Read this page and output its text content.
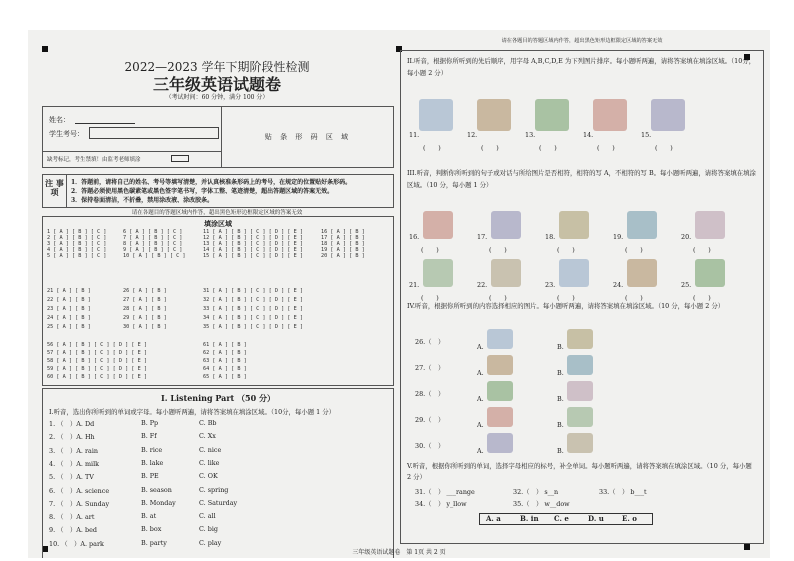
2022—2023 学年下期阶段性检测
三年级英语试题卷
（考试时间：60 分钟，满分 100 分）
姓名：
学生考号：
缺考标记，考生禁填！由监考老师填涂
贴 条 形 码 区 域
注 事 项
1．答题前，请将自己的姓名、考号等填写清楚，并认真核准条形码上的考号，在规定的位置贴好条形码。
2．答题必须使用黑色碳素笔或黑色签字笔书写，字体工整、笔迹清楚，超出答题区域的答案无效。
3．保持卷面清洁，不折叠，禁用涂改液、涂改胶条。
请在各题目的答题区域内作答，超出黑色矩形边框限定区域的答案无效
填涂区域
1 [ A ] [ B ] [ C ]
2 [ A ] [ B ] [ C ]
3 [ A ] [ B ] [ C ]
4 [ A ] [ B ] [ C ]
5 [ A ] [ B ] [ C ]
6 [ A ] [ B ] [ C ]
7 [ A ] [ B ] [ C ]
8 [ A ] [ B ] [ C ]
9 [ A ] [ B ] [ C ]
10 [ A ] [ B ] [ C ]
11 [ A ] [ B ] [ C ] [ D ] [ E ]
12 [ A ] [ B ] [ C ] [ D ] [ E ]
13 [ A ] [ B ] [ C ] [ D ] [ E ]
14 [ A ] [ B ] [ C ] [ D ] [ E ]
15 [ A ] [ B ] [ C ] [ D ] [ E ]
16 [ A ] [ B ]
17 [ A ] [ B ]
18 [ A ] [ B ]
19 [ A ] [ B ]
20 [ A ] [ B ]
21 [ A ] [ B ]
22 [ A ] [ B ]
23 [ A ] [ B ]
24 [ A ] [ B ]
25 [ A ] [ B ]
26 [ A ] [ B ]
27 [ A ] [ B ]
28 [ A ] [ B ]
29 [ A ] [ B ]
30 [ A ] [ B ]
31 [ A ] [ B ] [ C ] [ D ] [ E ]
32 [ A ] [ B ] [ C ] [ D ] [ E ]
33 [ A ] [ B ] [ C ] [ D ] [ E ]
34 [ A ] [ B ] [ C ] [ D ] [ E ]
35 [ A ] [ B ] [ C ] [ D ] [ E ]
56 [ A ] [ B ] [ C ] [ D ] [ E ]
57 [ A ] [ B ] [ C ] [ D ] [ E ]
58 [ A ] [ B ] [ C ] [ D ] [ E ]
59 [ A ] [ B ] [ C ] [ D ] [ E ]
60 [ A ] [ B ] [ C ] [ D ] [ E ]
61 [ A ] [ B ]
62 [ A ] [ B ]
63 [ A ] [ B ]
64 [ A ] [ B ]
65 [ A ] [ B ]
I. Listening Part （50 分）
I.听音，选出你所听到的单词或字母。每小题听两遍，请将答案填在填涂区域。（10分，每小题 1 分）
1. （　）A. Dd	B. Pp	C. Bb
2. （　）A. Hh	B. Ff	C. Xx
3. （　）A. rain	B. rice	C. nice
4. （　）A. milk	B. lake	C. like
5. （　）A. TV	B. PE	C. OK
6. （　）A. science	B. season	C. spring
7. （　）A. Sunday	B. Monday	C. Saturday
8. （　）A. art	B. at	C. all
9. （　）A. bed	B. box	C. big
10. （　）A. park	B. party	C. play
请在各题目的答题区域内作答，超出黑色矩形边框限定区域的答案无效
II.听音，根据你所听到的先后顺序，用字母 A,B,C,D,E 为下列图片排序。每小题听两遍，请将答案填在填涂区域。（10分，每小题 2 分）
III.听音，判断你所听到的句子或对话与所给图片是否相符，相符的写 A，不相符的写 B。每小题听两遍，请将答案填在填涂区域。（10 分，每小题 1 分）
IV.听音，根据你所听到的内容选择相应的图片。每小题听两遍，请将答案填在填涂区域。（10 分，每小题 2 分）
V.听音，根据你所听到的单词，选择字母相应的标号，补全单词。每小题听两遍，请将答案填在填涂区域。（10 分，每小题 2 分）
11.
(　　)
12.
(　　)
13.
(　　)
14.
(　　)
15.
(　　)
16.
(　　)
17.
(　　)
18.
(　　)
19.
(　　)
20.
(　　)
21.
(　　)
22.
(　　)
23.
(　　)
24.
(　　)
25.
(　　)
26.（　）
A.	B.
27.（　）
A.	B.
28.（　）
A.	B.
29.（　）
A.	B.
30.（　）
A.	B.
31.（　） ___range	32.（　） s__n	33.（　） b___t
34.（　） y_llow	35.（　） w__dow
A. a	B. in C. e	D. u	E. o
三年级英语试题卷　第 1页 共 2 页
